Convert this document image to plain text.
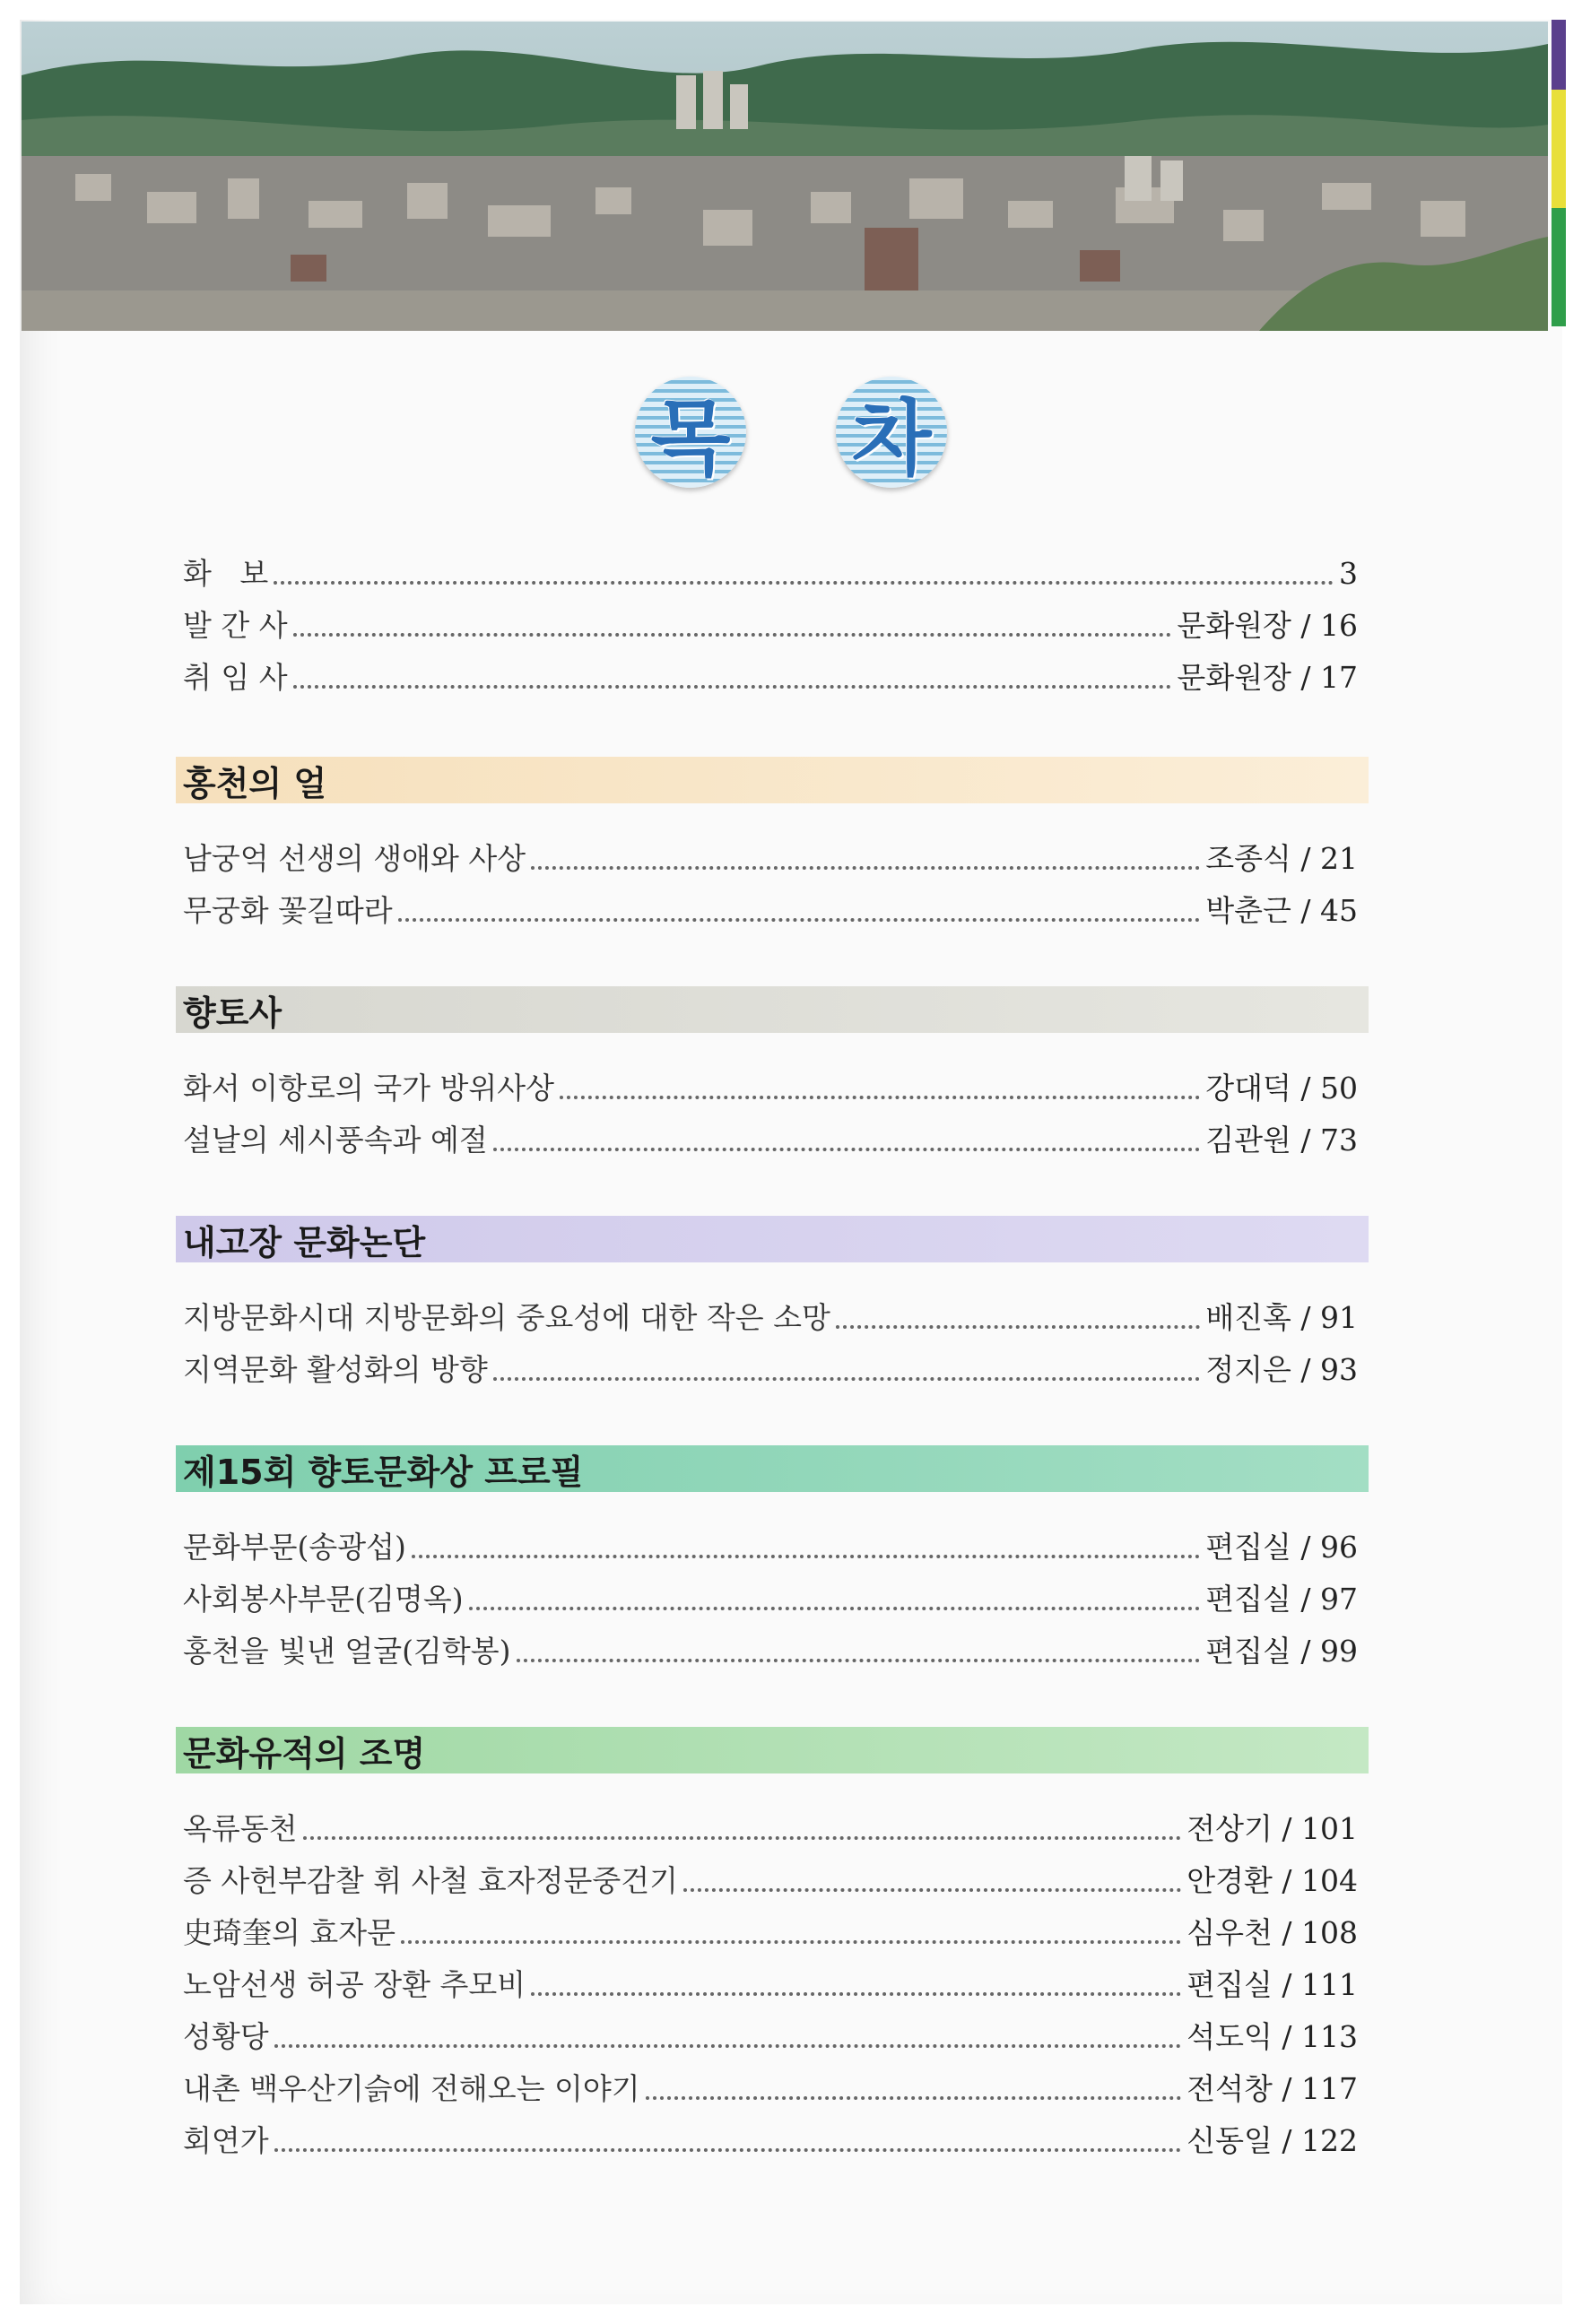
목 차
화   보	3
발 간 사	문화원장 / 16
취 임 사	문화원장 / 17
홍천의 얼
남궁억 선생의 생애와 사상	조종식 / 21
무궁화 꽃길따라	박춘근 / 45
향토사
화서 이항로의 국가 방위사상	강대덕 / 50
설날의 세시풍속과 예절	김관원 / 73
내고장 문화논단
지방문화시대 지방문화의 중요성에 대한 작은 소망	배진혹 / 91
지역문화 활성화의 방향	정지은 / 93
제15회 향토문화상 프로필
문화부문(송광섭)	편집실 / 96
사회봉사부문(김명옥)	편집실 / 97
홍천을 빛낸 얼굴(김학봉)	편집실 / 99
문화유적의 조명
옥류동천	전상기 / 101
증 사헌부감찰 휘 사철 효자정문중건기	안경환 / 104
史琦奎의 효자문	심우천 / 108
노암선생 허공 장환 추모비	편집실 / 111
성황당	석도익 / 113
내촌 백우산기슭에 전해오는 이야기	전석창 / 117
회연가	신동일 / 122
